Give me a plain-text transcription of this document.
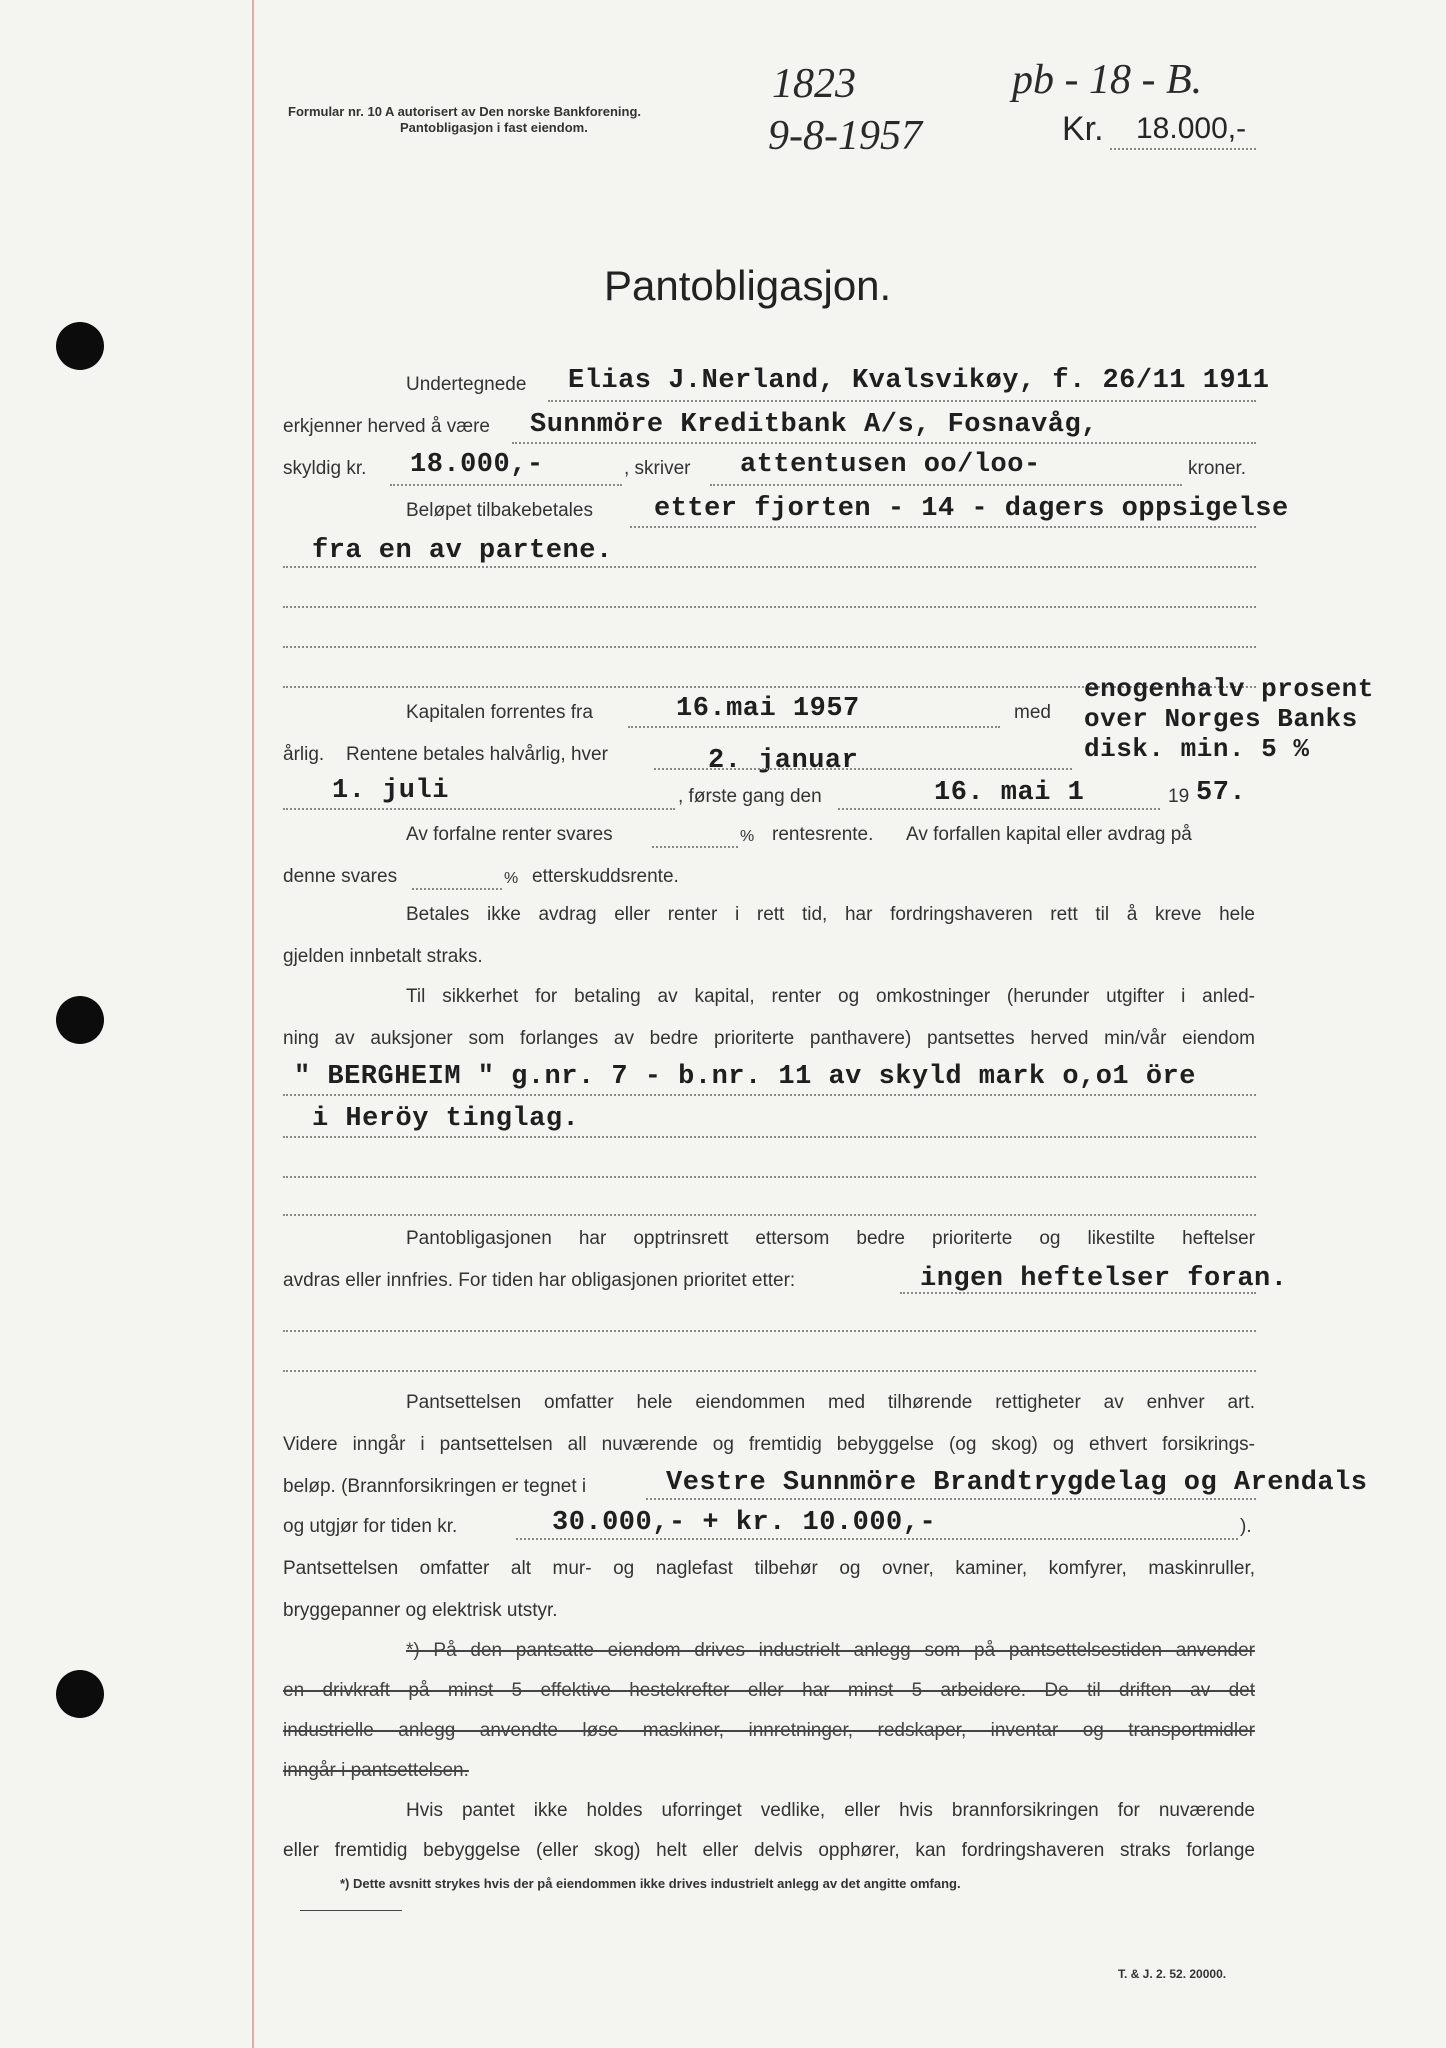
Formular nr. 10 A autorisert av Den norske Bankforening.
Pantobligasjon i fast eiendom.
1823
9-8-1957
pb - 18 - B.
Kr. 18.000,-
Pantobligasjon.
Undertegnede Elias J.Nerland, Kvalsvikøy, f. 26/11 1911
erkjenner herved å være Sunnmöre Kreditbank A/s, Fosnavåg,
skyldig kr. 18.000,-	, skriver attentusen oo/loo-	kroner.
Beløpet tilbakebetales etter fjorten - 14 - dagers oppsigelse
fra en av partene.
Kapitalen forrentes fra	16.mai 1957	med
enogenhalv prosent
over Norges Banks
disk. min. 5 %
årlig. Rentene betales halvårlig, hver	2. januar
1. juli	, første gang den	16. mai 1	19 57.
Av forfalne renter svares	% rentesrente. Av forfallen kapital eller avdrag på
denne svares	% etterskuddsrente.
Betales ikke avdrag eller renter i rett tid, har fordringshaveren rett til å kreve hele
gjelden innbetalt straks.
Til sikkerhet for betaling av kapital, renter og omkostninger (herunder utgifter i anled-
ning av auksjoner som forlanges av bedre prioriterte panthavere) pantsettes herved min/vår eiendom
" BERGHEIM " g.nr. 7 - b.nr. 11 av skyld mark o,o1 öre
i Heröy tinglag.
Pantobligasjonen har opptrinsrett ettersom bedre prioriterte og likestilte heftelser
avdras eller innfries. For tiden har obligasjonen prioritet etter:	ingen heftelser foran.
Pantsettelsen omfatter hele eiendommen med tilhørende rettigheter av enhver art.
Videre inngår i pantsettelsen all nuværende og fremtidig bebyggelse (og skog) og ethvert forsikrings-
beløp. (Brannforsikringen er tegnet i	Vestre Sunnmöre Brandtrygdelag og Arendals
og utgjør for tiden kr.	30.000,- + kr. 10.000,-	).
Pantsettelsen omfatter alt mur- og naglefast tilbehør og ovner, kaminer, komfyrer, maskinruller,
bryggepanner og elektrisk utstyr.
*) På den pantsatte eiendom drives industrielt anlegg som på pantsettelsestiden anvender
en drivkraft på minst 5 effektive hestekrefter eller har minst 5 arbeidere. De til driften av det
industrielle anlegg anvendte løse maskiner, innretninger, redskaper, inventar og transportmidler
inngår i pantsettelsen.
Hvis pantet ikke holdes uforringet vedlike, eller hvis brannforsikringen for nuværende
eller fremtidig bebyggelse (eller skog) helt eller delvis opphører, kan fordringshaveren straks forlange
*) Dette avsnitt strykes hvis der på eiendommen ikke drives industrielt anlegg av det angitte omfang.
T. & J. 2. 52. 20000.
